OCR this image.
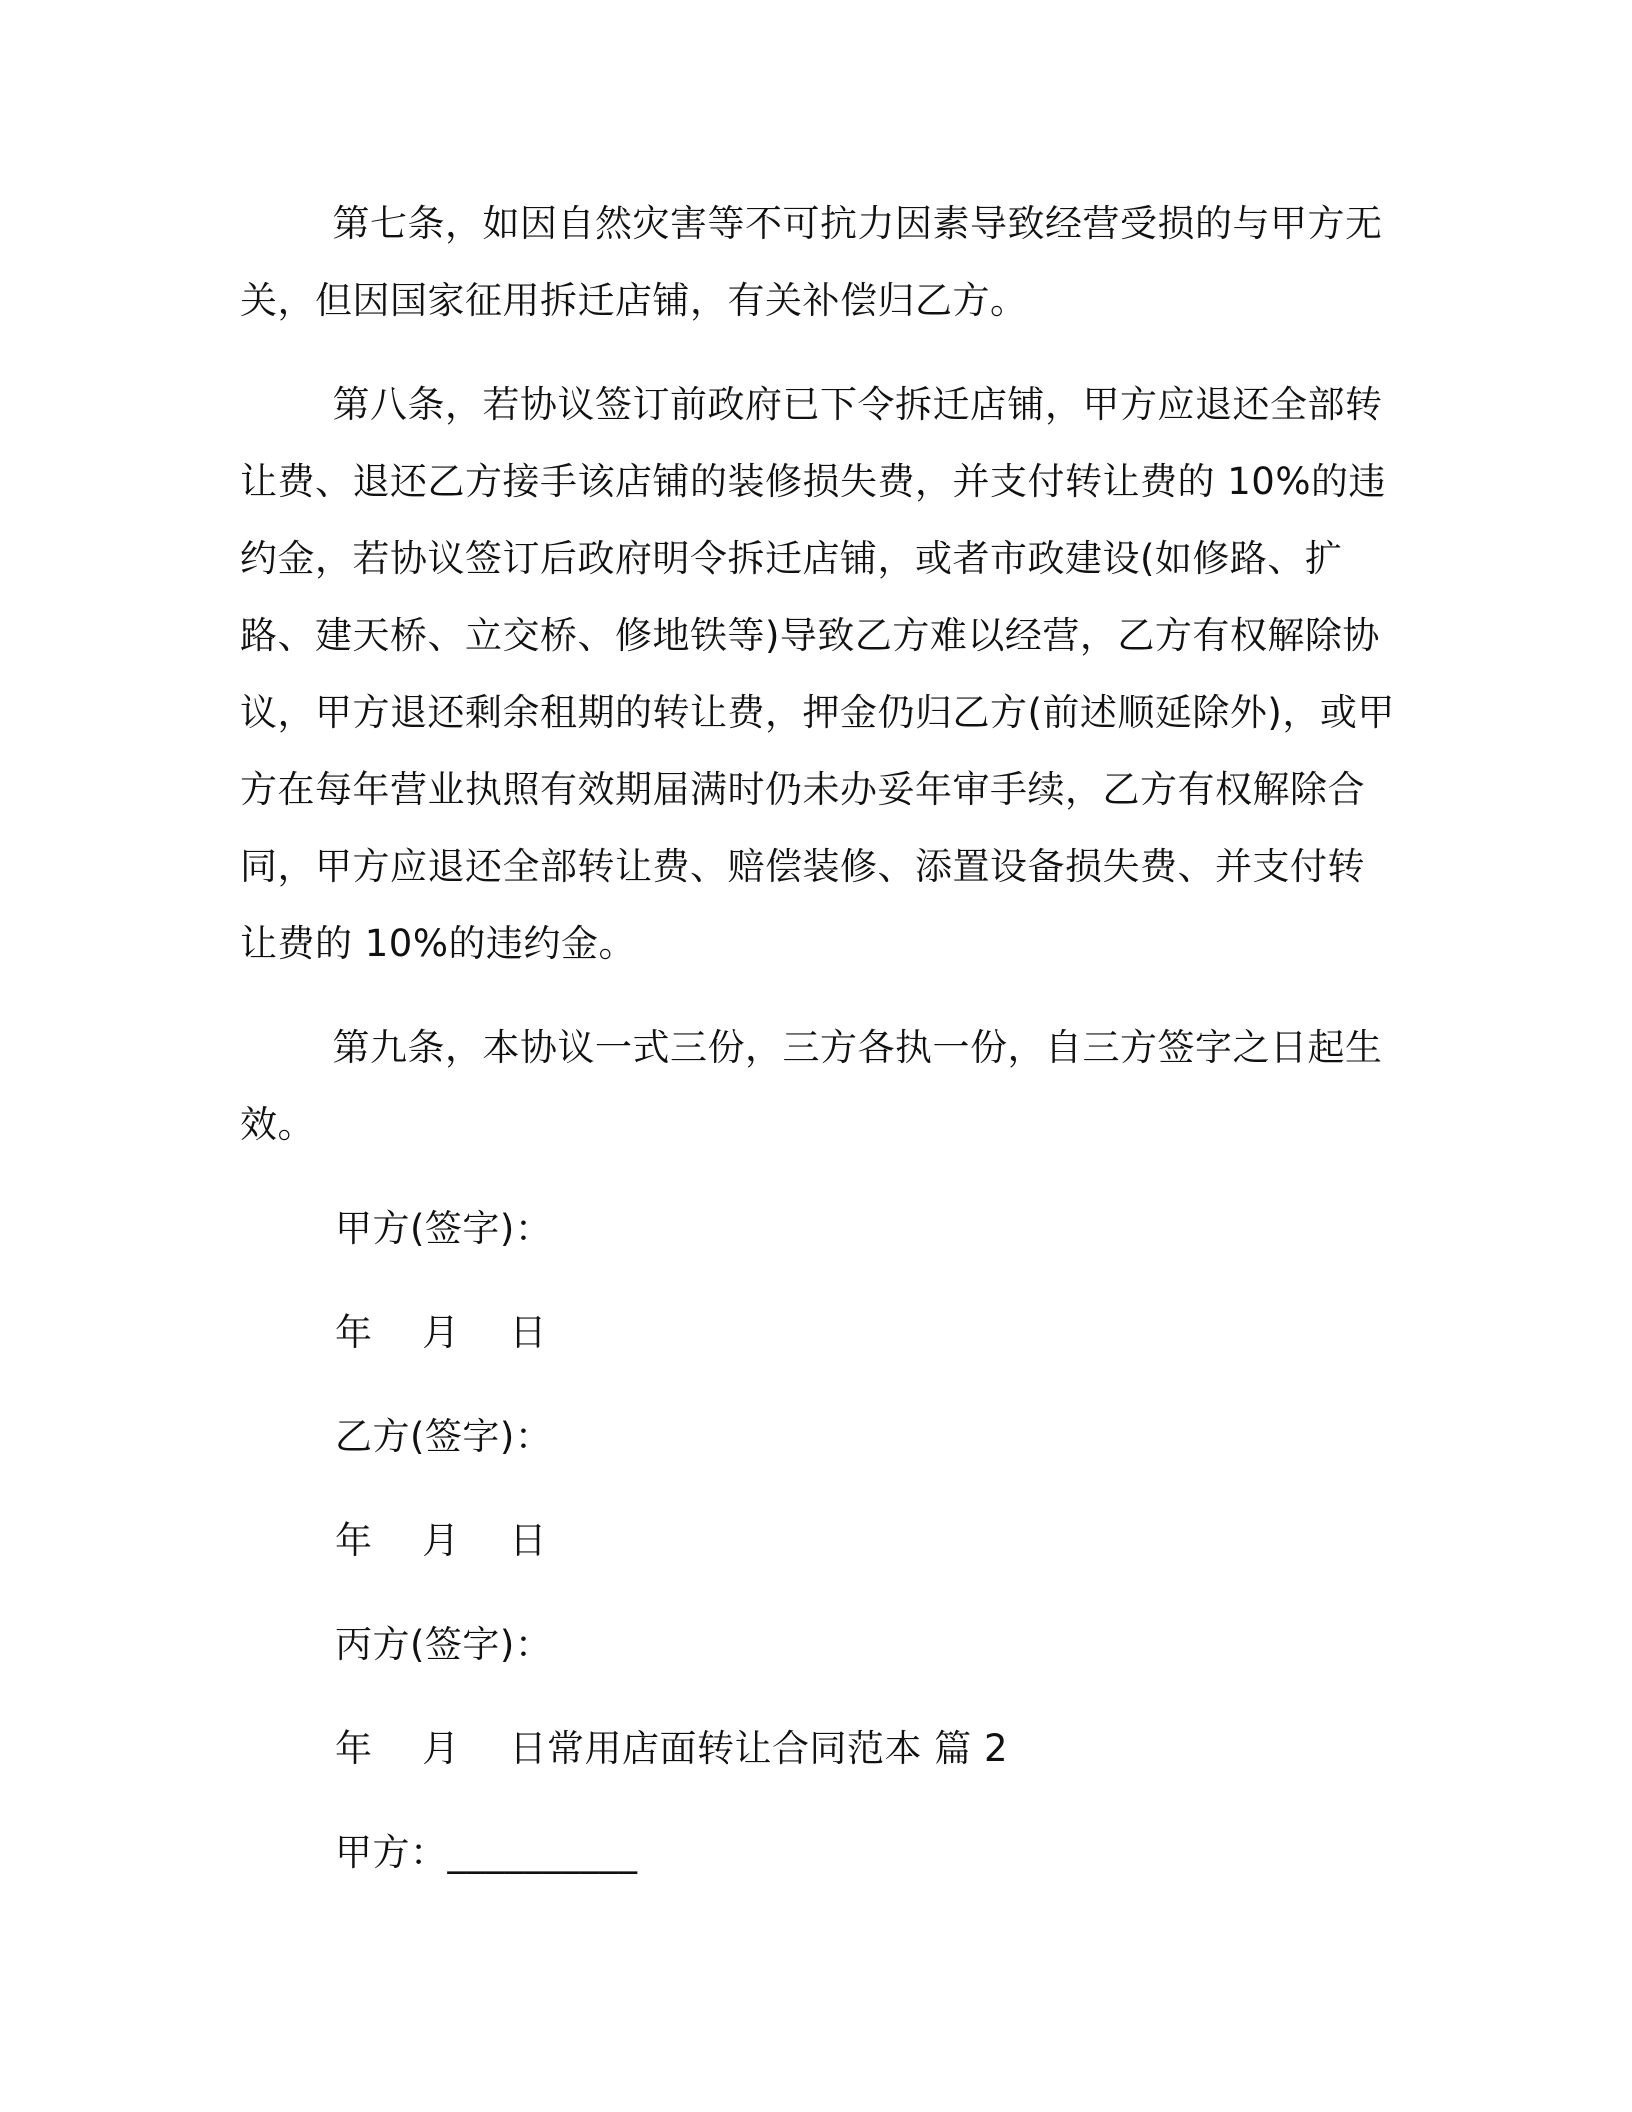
第七条，如因自然灾害等不可抗力因素导致经营受损的与甲方无关，但因国家征用拆迁店铺，有关补偿归乙方。

第八条，若协议签订前政府已下令拆迁店铺，甲方应退还全部转让费、退还乙方接手该店铺的装修损失费，并支付转让费的 10%的违约金，若协议签订后政府明令拆迁店铺，或者市政建设(如修路、扩路、建天桥、立交桥、修地铁等)导致乙方难以经营，乙方有权解除协议，甲方退还剩余租期的转让费，押金仍归乙方(前述顺延除外)，或甲方在每年营业执照有效期届满时仍未办妥年审手续，乙方有权解除合同，甲方应退还全部转让费、赔偿装修、添置设备损失费、并支付转让费的 10%的违约金。

第九条，本协议一式三份，三方各执一份，自三方签字之日起生效。

甲方(签字)：

年　 月　 日

乙方(签字)：

年　 月　 日

丙方(签字)：

年　 月　 日常用店面转让合同范本 篇 2

甲方：__________
